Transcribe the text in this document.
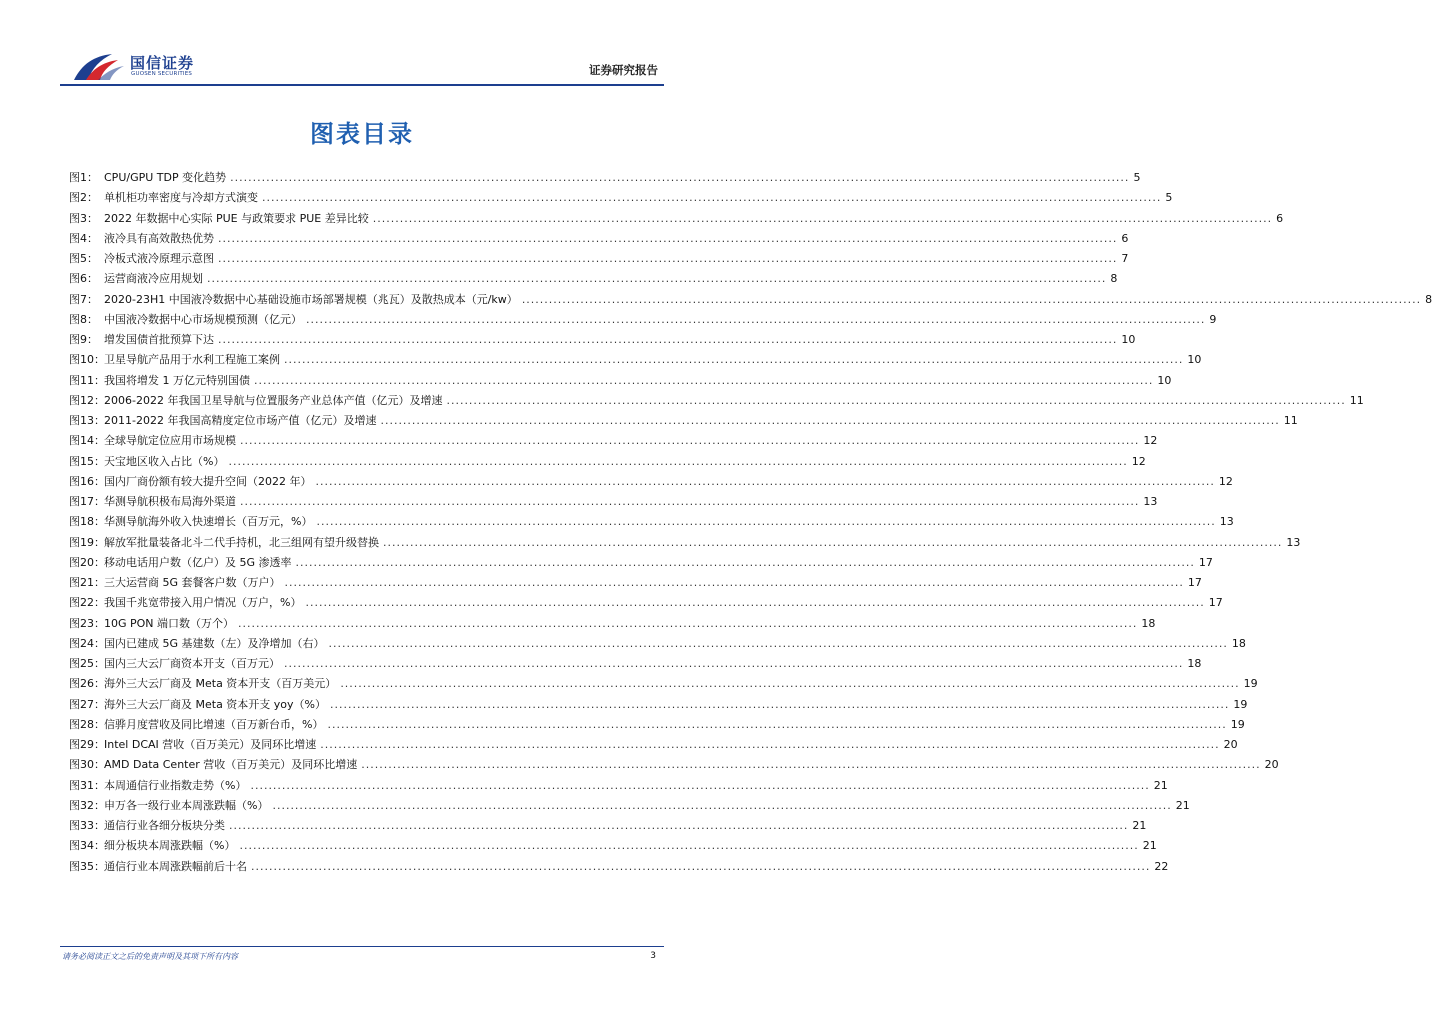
国信证券
GUOSEN SECURITIES	证券研究报告
图表目录
图1： CPU/GPU TDP 变化趋势 ........................................................................................................................................................................................................ 5
图2： 单机柜功率密度与冷却方式演变 ........................................................................................................................................................................................................ 5
图3： 2022 年数据中心实际 PUE 与政策要求 PUE 差异比较 ........................................................................................................................................................................................................ 6
图4： 液冷具有高效散热优势 ........................................................................................................................................................................................................ 6
图5： 冷板式液冷原理示意图 ........................................................................................................................................................................................................ 7
图6： 运营商液冷应用规划 ........................................................................................................................................................................................................ 8
图7： 2020-23H1 中国液冷数据中心基础设施市场部署规模（兆瓦）及散热成本（元/kw） ........................................................................................................................................................................................................ 8
图8： 中国液冷数据中心市场规模预测（亿元） ........................................................................................................................................................................................................ 9
图9： 增发国债首批预算下达 ........................................................................................................................................................................................................ 10
图10： 卫星导航产品用于水利工程施工案例 ........................................................................................................................................................................................................ 10
图11： 我国将增发 1 万亿元特别国债 ........................................................................................................................................................................................................ 10
图12： 2006-2022 年我国卫星导航与位置服务产业总体产值（亿元）及增速 ........................................................................................................................................................................................................ 11
图13： 2011-2022 年我国高精度定位市场产值（亿元）及增速 ........................................................................................................................................................................................................ 11
图14： 全球导航定位应用市场规模 ........................................................................................................................................................................................................ 12
图15： 天宝地区收入占比（%） ........................................................................................................................................................................................................ 12
图16： 国内厂商份额有较大提升空间（2022 年） ........................................................................................................................................................................................................ 12
图17： 华测导航积极布局海外渠道 ........................................................................................................................................................................................................ 13
图18： 华测导航海外收入快速增长（百万元，%） ........................................................................................................................................................................................................ 13
图19： 解放军批量装备北斗二代手持机，北三组网有望升级替换 ........................................................................................................................................................................................................ 13
图20： 移动电话用户数（亿户）及 5G 渗透率 ........................................................................................................................................................................................................ 17
图21： 三大运营商 5G 套餐客户数（万户） ........................................................................................................................................................................................................ 17
图22： 我国千兆宽带接入用户情况（万户，%） ........................................................................................................................................................................................................ 17
图23： 10G PON 端口数（万个） ........................................................................................................................................................................................................ 18
图24： 国内已建成 5G 基建数（左）及净增加（右） ........................................................................................................................................................................................................ 18
图25： 国内三大云厂商资本开支（百万元） ........................................................................................................................................................................................................ 18
图26： 海外三大云厂商及 Meta 资本开支（百万美元） ........................................................................................................................................................................................................ 19
图27： 海外三大云厂商及 Meta 资本开支 yoy（%） ........................................................................................................................................................................................................ 19
图28： 信骅月度营收及同比增速（百万新台币，%） ........................................................................................................................................................................................................ 19
图29： Intel DCAI 营收（百万美元）及同环比增速 ........................................................................................................................................................................................................ 20
图30： AMD Data Center 营收（百万美元）及同环比增速 ........................................................................................................................................................................................................ 20
图31： 本周通信行业指数走势（%） ........................................................................................................................................................................................................ 21
图32： 申万各一级行业本周涨跌幅（%） ........................................................................................................................................................................................................ 21
图33： 通信行业各细分板块分类 ........................................................................................................................................................................................................ 21
图34： 细分板块本周涨跌幅（%） ........................................................................................................................................................................................................ 21
图35： 通信行业本周涨跌幅前后十名 ........................................................................................................................................................................................................ 22
请务必阅读正文之后的免责声明及其项下所有内容	3
